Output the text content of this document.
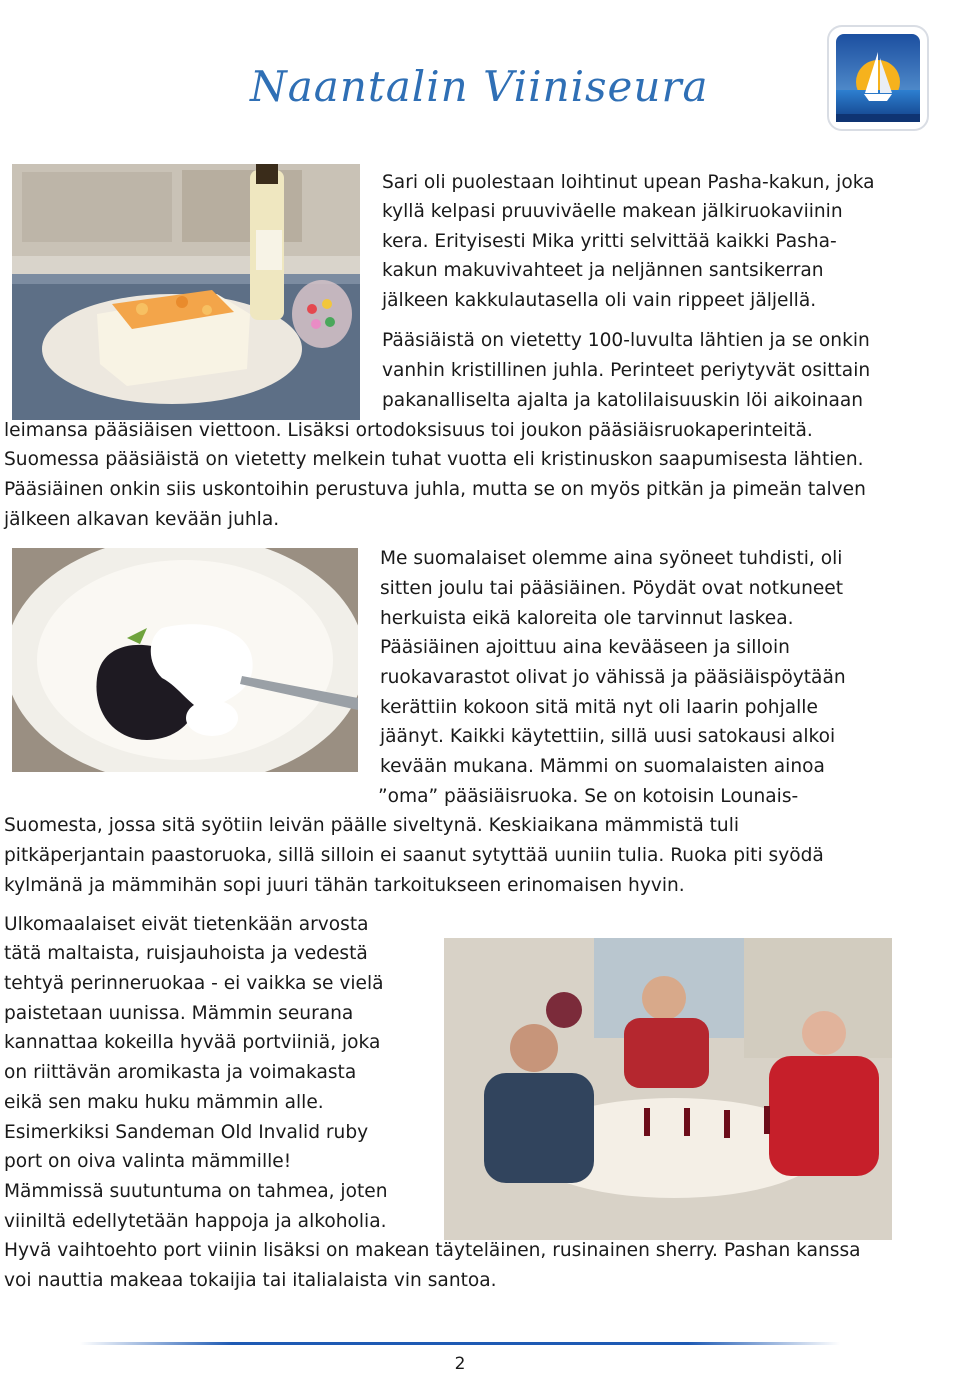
Naantalin Viiniseura
Sari oli puolestaan loihtinut upean Pasha-kakun, joka
kyllä kelpasi pruuviväelle makean jälkiruokaviinin
kera. Erityisesti Mika yritti selvittää kaikki Pasha-
kakun makuvivahteet ja neljännen santsikerran
jälkeen kakkulautasella oli vain rippeet jäljellä.
Pääsiäistä on vietetty 100-luvulta lähtien ja se onkin
vanhin kristillinen juhla. Perinteet periytyvät osittain
pakanalliselta ajalta ja katolilaisuuskin löi aikoinaan
leimansa pääsiäisen viettoon. Lisäksi ortodoksisuus toi joukon pääsiäisruokaperinteitä.
Suomessa pääsiäistä on vietetty melkein tuhat vuotta eli kristinuskon saapumisesta lähtien.
Pääsiäinen onkin siis uskontoihin perustuva juhla, mutta se on myös pitkän ja pimeän talven
jälkeen alkavan kevään juhla.
Me suomalaiset olemme aina syöneet tuhdisti, oli
sitten joulu tai pääsiäinen. Pöydät ovat notkuneet
herkuista eikä kaloreita ole tarvinnut laskea.
Pääsiäinen ajoittuu aina kevääseen ja silloin
ruokavarastot olivat jo vähissä ja pääsiäispöytään
kerättiin kokoon sitä mitä nyt oli laarin pohjalle
jäänyt. Kaikki käytettiin, sillä uusi satokausi alkoi
kevään mukana. Mämmi on suomalaisten ainoa
”oma” pääsiäisruoka. Se on kotoisin Lounais-
Suomesta, jossa sitä syötiin leivän päälle siveltynä. Keskiaikana mämmistä tuli
pitkäperjantain paastoruoka, sillä silloin ei saanut sytyttää uuniin tulia. Ruoka piti syödä
kylmänä ja mämmihän sopi juuri tähän tarkoitukseen erinomaisen hyvin.
Ulkomaalaiset eivät tietenkään arvosta
tätä maltaista, ruisjauhoista ja vedestä
tehtyä perinneruokaa - ei vaikka se vielä
paistetaan uunissa. Mämmin seurana
kannattaa kokeilla hyvää portviiniä, joka
on riittävän aromikasta ja voimakasta
eikä sen maku huku mämmin alle.
Esimerkiksi Sandeman Old Invalid ruby
port on oiva valinta mämmille!
Mämmissä suutuntuma on tahmea, joten
viiniltä edellytetään happoja ja alkoholia.
Hyvä vaihtoehto port viinin lisäksi on makean täyteläinen, rusinainen sherry. Pashan kanssa
voi nauttia makeaa tokaijia tai italialaista vin santoa.
2
